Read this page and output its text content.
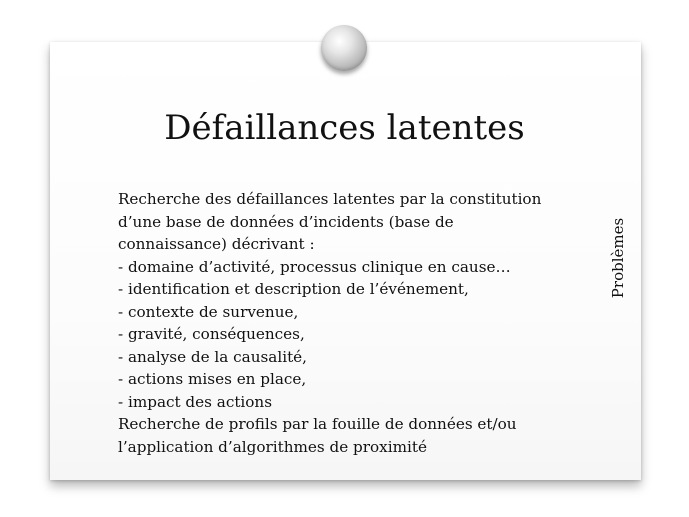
Défaillances latentes
Recherche des défaillances latentes par la constitution
d’une base de données d’incidents (base de
connaissance) décrivant :
- domaine d’activité, processus clinique en cause…
- identification et description de l’événement,
- contexte de survenue,
- gravité, conséquences,
- analyse de la causalité,
- actions mises en place,
- impact des actions
Recherche de profils par la fouille de données et/ou
l’application d’algorithmes de proximité
Problèmes
